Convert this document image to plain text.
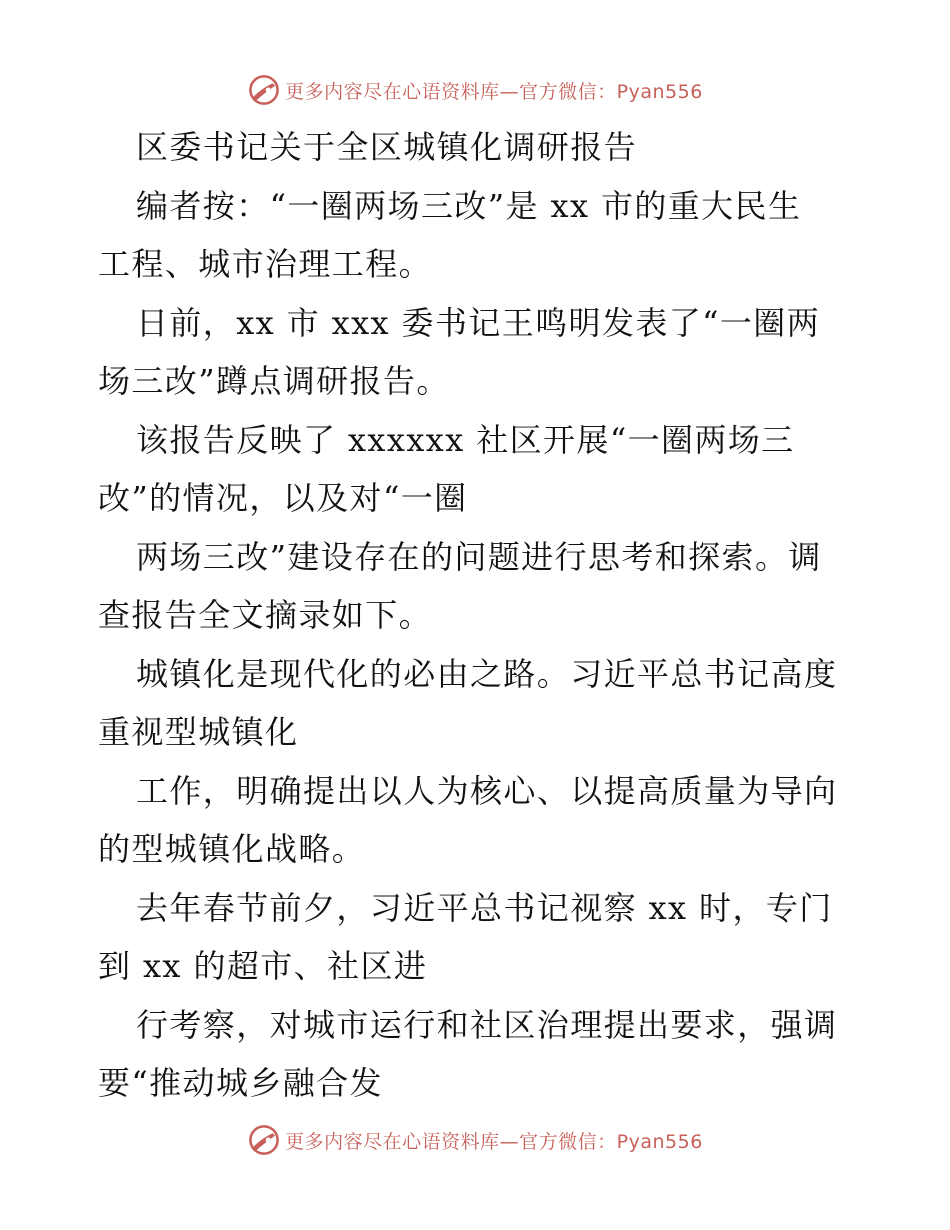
更多内容尽在心语资料库—官方微信：Pyan556
区委书记关于全区城镇化调研报告
编者按：“一圈两场三改”是 xx 市的重大民生
工程、城市治理工程。
日前，xx 市 xxx 委书记王鸣明发表了“一圈两
场三改”蹲点调研报告。
该报告反映了 xxxxxx 社区开展“一圈两场三
改”的情况，以及对“一圈
两场三改”建设存在的问题进行思考和探索。调
查报告全文摘录如下。
城镇化是现代化的必由之路。习近平总书记高度
重视型城镇化
工作，明确提出以人为核心、以提高质量为导向
的型城镇化战略。
去年春节前夕，习近平总书记视察 xx 时，专门
到 xx 的超市、社区进
行考察，对城市运行和社区治理提出要求，强调
要“推动城乡融合发
更多内容尽在心语资料库—官方微信：Pyan556
